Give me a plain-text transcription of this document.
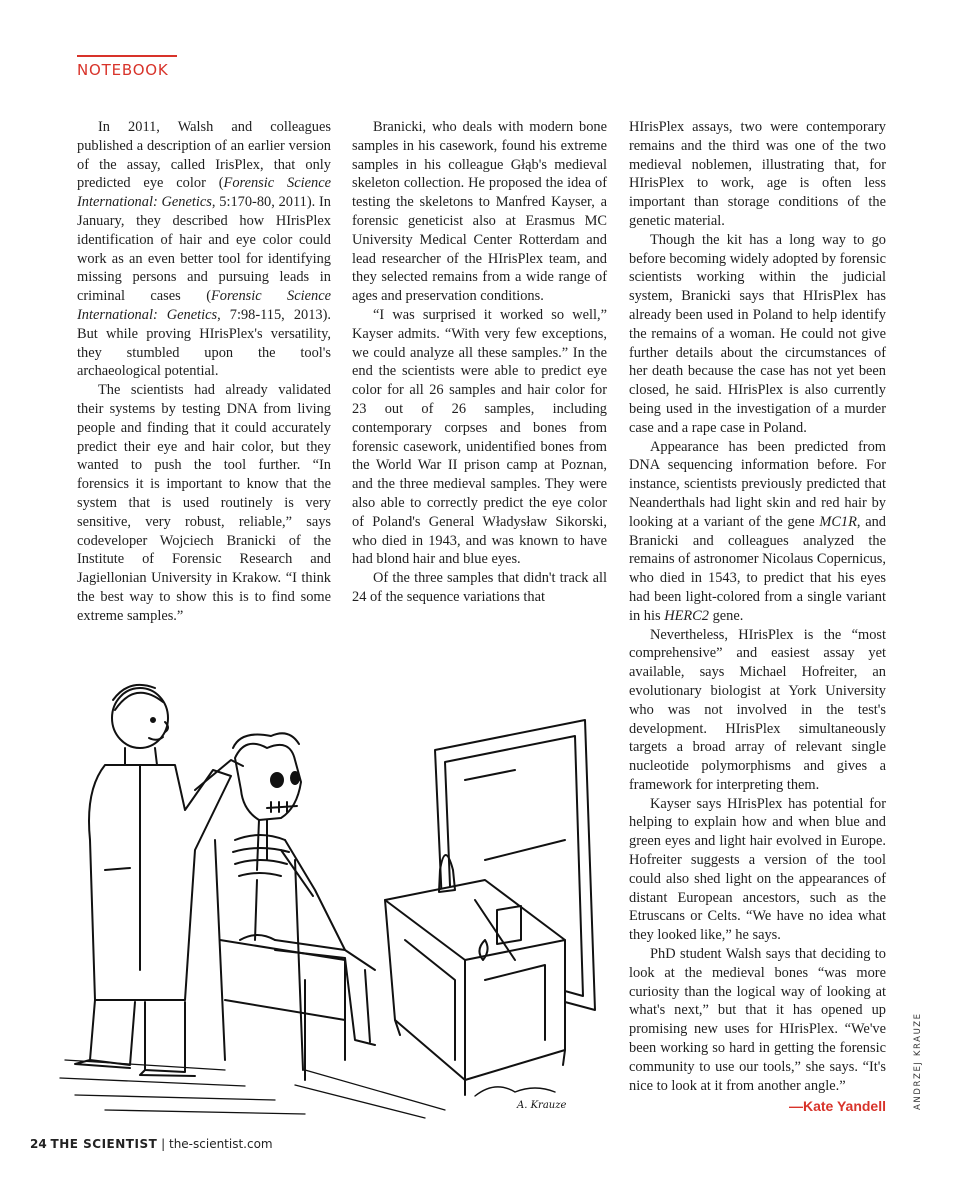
NOTEBOOK

In 2011, Walsh and colleagues published a description of an earlier version of the assay, called IrisPlex, that only predicted eye color (Forensic Science International: Genetics, 5:170-80, 2011). In January, they described how HIrisPlex identification of hair and eye color could work as an even better tool for identifying missing persons and pursuing leads in criminal cases (Forensic Science International: Genetics, 7:98-115, 2013). But while proving HIrisPlex's versatility, they stumbled upon the tool's archaeological potential.

The scientists had already validated their systems by testing DNA from living people and finding that it could accurately predict their eye and hair color, but they wanted to push the tool further. “In forensics it is important to know that the system that is used routinely is very sensitive, very robust, reliable,” says codeveloper Wojciech Branicki of the Institute of Forensic Research and Jagiellonian University in Krakow. “I think the best way to show this is to find some extreme samples.”

Branicki, who deals with modern bone samples in his casework, found his extreme samples in his colleague Głąb's medieval skeleton collection. He proposed the idea of testing the skeletons to Manfred Kayser, a forensic geneticist also at Erasmus MC University Medical Center Rotterdam and lead researcher of the HIrisPlex team, and they selected remains from a wide range of ages and preservation conditions.

“I was surprised it worked so well,” Kayser admits. “With very few exceptions, we could analyze all these samples.” In the end the scientists were able to predict eye color for all 26 samples and hair color for 23 out of 26 samples, including contemporary corpses and bones from forensic casework, unidentified bones from the World War II prison camp at Poznan, and the three medieval samples. They were also able to correctly predict the eye color of Poland's General Władysław Sikorski, who died in 1943, and was known to have had blond hair and blue eyes.

Of the three samples that didn't track all 24 of the sequence variations that

HIrisPlex assays, two were contemporary remains and the third was one of the two medieval noblemen, illustrating that, for HIrisPlex to work, age is often less important than storage conditions of the genetic material.

Though the kit has a long way to go before becoming widely adopted by forensic scientists working within the judicial system, Branicki says that HIrisPlex has already been used in Poland to help identify the remains of a woman. He could not give further details about the circumstances of her death because the case has not yet been closed, he said. HIrisPlex is also currently being used in the investigation of a murder case and a rape case in Poland.

Appearance has been predicted from DNA sequencing information before. For instance, scientists previously predicted that Neanderthals had light skin and red hair by looking at a variant of the gene MC1R, and Branicki and colleagues analyzed the remains of astronomer Nicolaus Copernicus, who died in 1543, to predict that his eyes had been light-colored from a single variant in his HERC2 gene.

Nevertheless, HIrisPlex is the “most comprehensive” and easiest assay yet available, says Michael Hofreiter, an evolutionary biologist at York University who was not involved in the test's development. HIrisPlex simultaneously targets a broad array of relevant single nucleotide polymorphisms and gives a framework for interpreting them.

Kayser says HIrisPlex has potential for helping to explain how and when blue and green eyes and light hair evolved in Europe. Hofreiter suggests a version of the tool could also shed light on the appearances of distant European ancestors, such as the Etruscans or Celts. “We have no idea what they looked like,” he says.

PhD student Walsh says that deciding to look at the medieval bones “was more curiosity than the logical way of looking at what's next,” but that it has opened up promising new uses for HIrisPlex. “We've been working so hard in getting the forensic community to use our tools,” she says. “It's nice to look at it from another angle.”

—Kate Yandell	ANDRZEJ KRAUZE
A. Krauze
24 THE SCIENTIST | the-scientist.com
